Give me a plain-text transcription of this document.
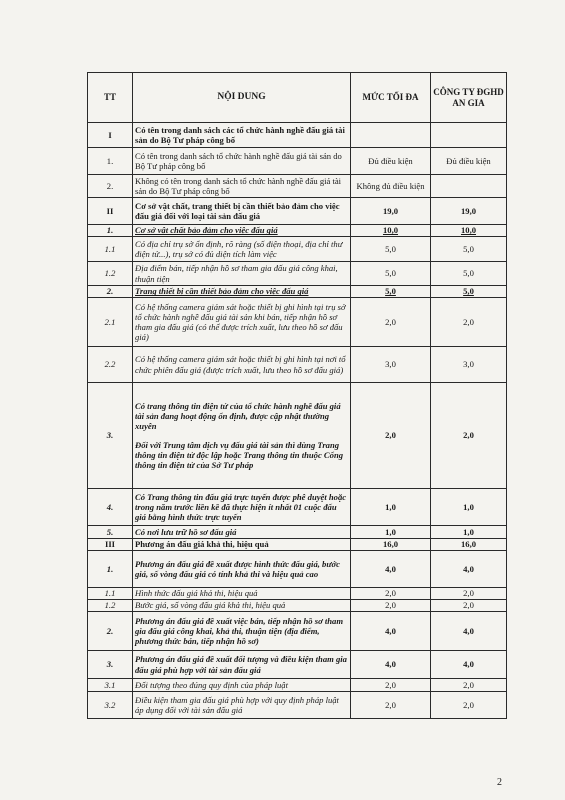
TT	NỘI DUNG	MỨC TỐI ĐA	CÔNG TY ĐGHD AN GIA
I	Có tên trong danh sách các tổ chức hành nghề đấu giá tài sản do Bộ Tư pháp công bố		
1.	Có tên trong danh sách tổ chức hành nghề đấu giá tài sản do Bộ Tư pháp công bố	Đủ điều kiện	Đủ điều kiện
2.	Không có tên trong danh sách tổ chức hành nghề đấu giá tài sản do Bộ Tư pháp công bố	Không đủ điều kiện	
II	Cơ sở vật chất, trang thiết bị cần thiết bảo đảm cho việc đấu giá đối với loại tài sản đấu giá	19,0	19,0
1.	Cơ sở vật chất bảo đảm cho việc đấu giá	10,0	10,0
1.1	Có địa chỉ trụ sở ổn định, rõ ràng (số điện thoại, địa chỉ thư điện tử...), trụ sở có đủ diện tích làm việc	5,0	5,0
1.2	Địa điểm bán, tiếp nhận hồ sơ tham gia đấu giá công khai, thuận tiện	5,0	5,0
2.	Trang thiết bị cần thiết bảo đảm cho việc đấu giá	5,0	5,0
2.1	Có hệ thống camera giám sát hoặc thiết bị ghi hình tại trụ sở tổ chức hành nghề đấu giá tài sản khi bán, tiếp nhận hồ sơ tham gia đấu giá (có thể được trích xuất, lưu theo hồ sơ đấu giá)	2,0	2,0
2.2	Có hệ thống camera giám sát hoặc thiết bị ghi hình tại nơi tổ chức phiên đấu giá (được trích xuất, lưu theo hồ sơ đấu giá)	3,0	3,0
3.	Có trang thông tin điện tử của tổ chức hành nghề đấu giá tài sản đang hoạt động ổn định, được cập nhật thường xuyên
Đối với Trung tâm dịch vụ đấu giá tài sản thì dùng Trang thông tin điện tử độc lập hoặc Trang thông tin thuộc Cổng thông tin điện tử của Sở Tư pháp	2,0	2,0
4.	Có Trang thông tin đấu giá trực tuyến được phê duyệt hoặc trong năm trước liền kề đã thực hiện ít nhất 01 cuộc đấu giá bằng hình thức trực tuyến	1,0	1,0
5.	Có nơi lưu trữ hồ sơ đấu giá	1,0	1,0
III	Phương án đấu giá khả thi, hiệu quả	16,0	16,0
1.	Phương án đấu giá đề xuất được hình thức đấu giá, bước giá, số vòng đấu giá có tính khả thi và hiệu quả cao	4,0	4,0
1.1	Hình thức đấu giá khả thi, hiệu quả	2,0	2,0
1.2	Bước giá, số vòng đấu giá khả thi, hiệu quả	2,0	2,0
2.	Phương án đấu giá đề xuất việc bán, tiếp nhận hồ sơ tham gia đấu giá công khai, khả thi, thuận tiện (địa điểm, phương thức bán, tiếp nhận hồ sơ)	4,0	4,0
3.	Phương án đấu giá đề xuất đối tượng và điều kiện tham gia đấu giá phù hợp với tài sản đấu giá	4,0	4,0
3.1	Đối tượng theo đúng quy định của pháp luật	2,0	2,0
3.2	Điều kiện tham gia đấu giá phù hợp với quy định pháp luật áp dụng đối với tài sản đấu giá	2,0	2,0
2
